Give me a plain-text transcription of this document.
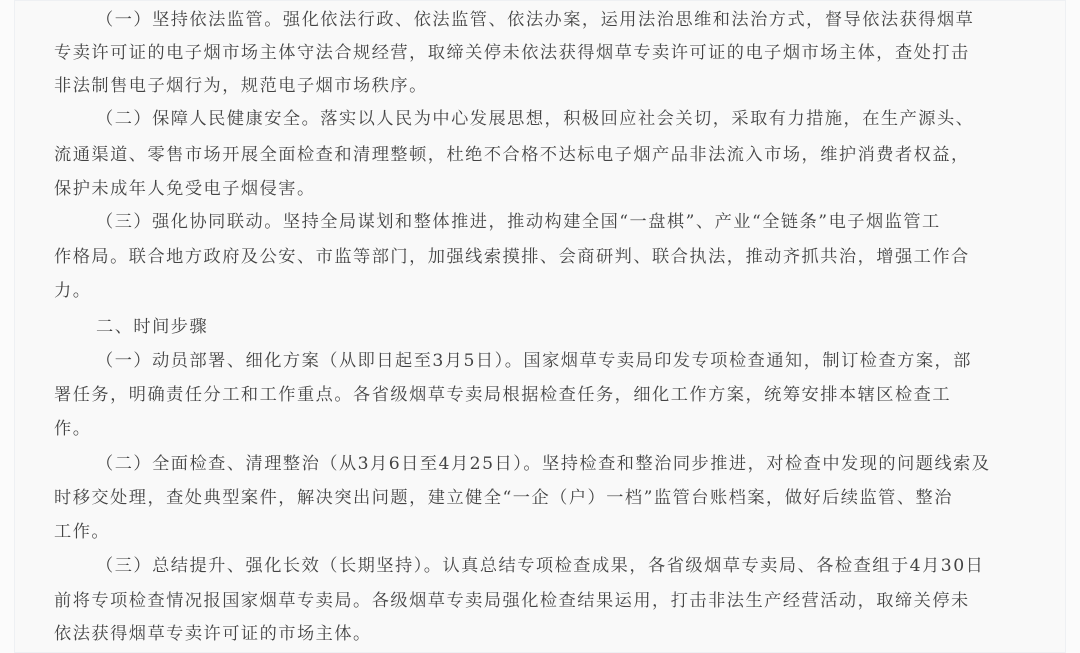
（一）坚持依法监管。强化依法行政、依法监管、依法办案，运用法治思维和法治方式，督导依法获得烟草
专卖许可证的电子烟市场主体守法合规经营，取缔关停未依法获得烟草专卖许可证的电子烟市场主体，查处打击
非法制售电子烟行为，规范电子烟市场秩序。
（二）保障人民健康安全。落实以人民为中心发展思想，积极回应社会关切，采取有力措施，在生产源头、
流通渠道、零售市场开展全面检查和清理整顿，杜绝不合格不达标电子烟产品非法流入市场，维护消费者权益，
保护未成年人免受电子烟侵害。
（三）强化协同联动。坚持全局谋划和整体推进，推动构建全国“一盘棋”、产业“全链条”电子烟监管工
作格局。联合地方政府及公安、市监等部门，加强线索摸排、会商研判、联合执法，推动齐抓共治，增强工作合
力。
二、时间步骤
（一）动员部署、细化方案（从即日起至3月5日）。国家烟草专卖局印发专项检查通知，制订检查方案，部
署任务，明确责任分工和工作重点。各省级烟草专卖局根据检查任务，细化工作方案，统筹安排本辖区检查工
作。
（二）全面检查、清理整治（从3月6日至4月25日）。坚持检查和整治同步推进，对检查中发现的问题线索及
时移交处理，查处典型案件，解决突出问题，建立健全“一企（户）一档”监管台账档案，做好后续监管、整治
工作。
（三）总结提升、强化长效（长期坚持）。认真总结专项检查成果，各省级烟草专卖局、各检查组于4月30日
前将专项检查情况报国家烟草专卖局。各级烟草专卖局强化检查结果运用，打击非法生产经营活动，取缔关停未
依法获得烟草专卖许可证的市场主体。
